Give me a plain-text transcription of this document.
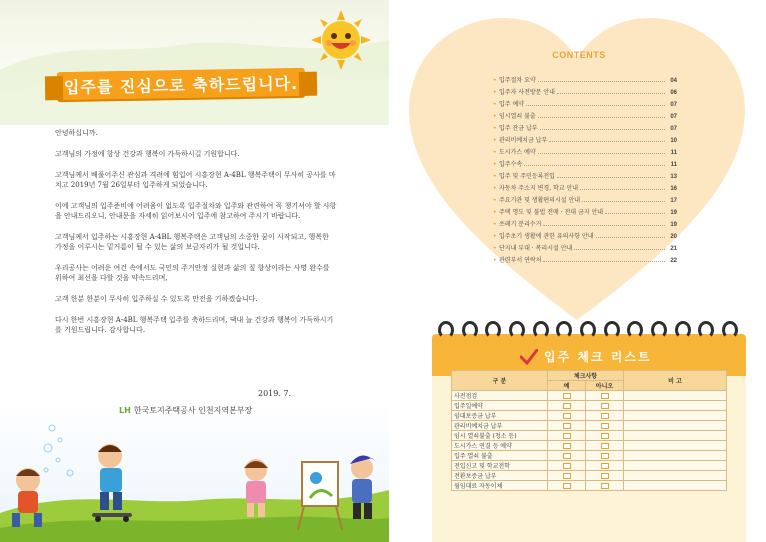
입주를 진심으로 축하드립니다.

안녕하십니까.

고객님의 가정에 항상 건강과 행복이 가득하시길 기원합니다.

고객님께서 베풀어주신 관심과 격려에 힘입어 시흥장현 A-4BL 행복주택이 무사히 공사를 마치고 2019년 7월 26일부터 입주하게 되었습니다.

이에 고객님의 입주준비에 어려움이 없도록 입주절차와 입주와 관련하여 꼭 챙기셔야 할 사항을 안내드리오니, 안내문을 자세히 읽어보시어 입주에 참고하여 주시기 바랍니다.

고객님께서 입주하는 시흥장현 A-4BL 행복주택은 고객님의 소중한 꿈이 시작되고, 행복한 가정을 이루시는 밑거름이 될 수 있는 삶의 보금자리가 될 것입니다.

우리공사는 어려운 여건 속에서도 국민의 주거안정 실현과 삶의 질 향상이라는 사명 완수를 위하여 최선을 다할 것을 약속드리며,

고객 한분 한분이 무사히 입주하실 수 있도록 만전을 기하겠습니다.

다시 한번 시흥장현 A-4BL 행복주택 입주를 축하드리며, 댁내 늘 건강과 행복이 가득하시기를 기원드립니다. 감사합니다.

2019. 7.
LH 한국토지주택공사 인천지역본부장
CONTENTS
• 입주절차 요약	04
• 입주자 사전방문 안내	06
• 입주 예약	07
• 임시열쇠 불출	07
• 입주 잔금 납부	07
• 관리비예치금 납부	10
• 도시가스 예약	11
• 입주수속	11
• 입주 및 주민등록전입	13
• 자동차 주소지 변경, 학교 안내	16
• 주요기관 및 생활편의시설 안내	17
• 주택 명도 및 불법 전매 · 전대 금지 안내	19
• 쓰레기 분리수거	19
• 입주초기 생활에 관한 유의사항 안내	20
• 단지내 부대 · 복리시설 안내	21
• 관련부서 연락처	22
입주 체크 리스트
구 분	체크사항		비 고
	예	아니오	
사전점검			
입주일예약			
임대보증금 납부			
관리비예치금 납부			
임시 열쇠불출 (청소 등)			
도시가스 연결 등 예약			
입주 열쇠 불출			
전입신고 및 학교전학			
전환보증금 납부			
월임대료 자동이체			
